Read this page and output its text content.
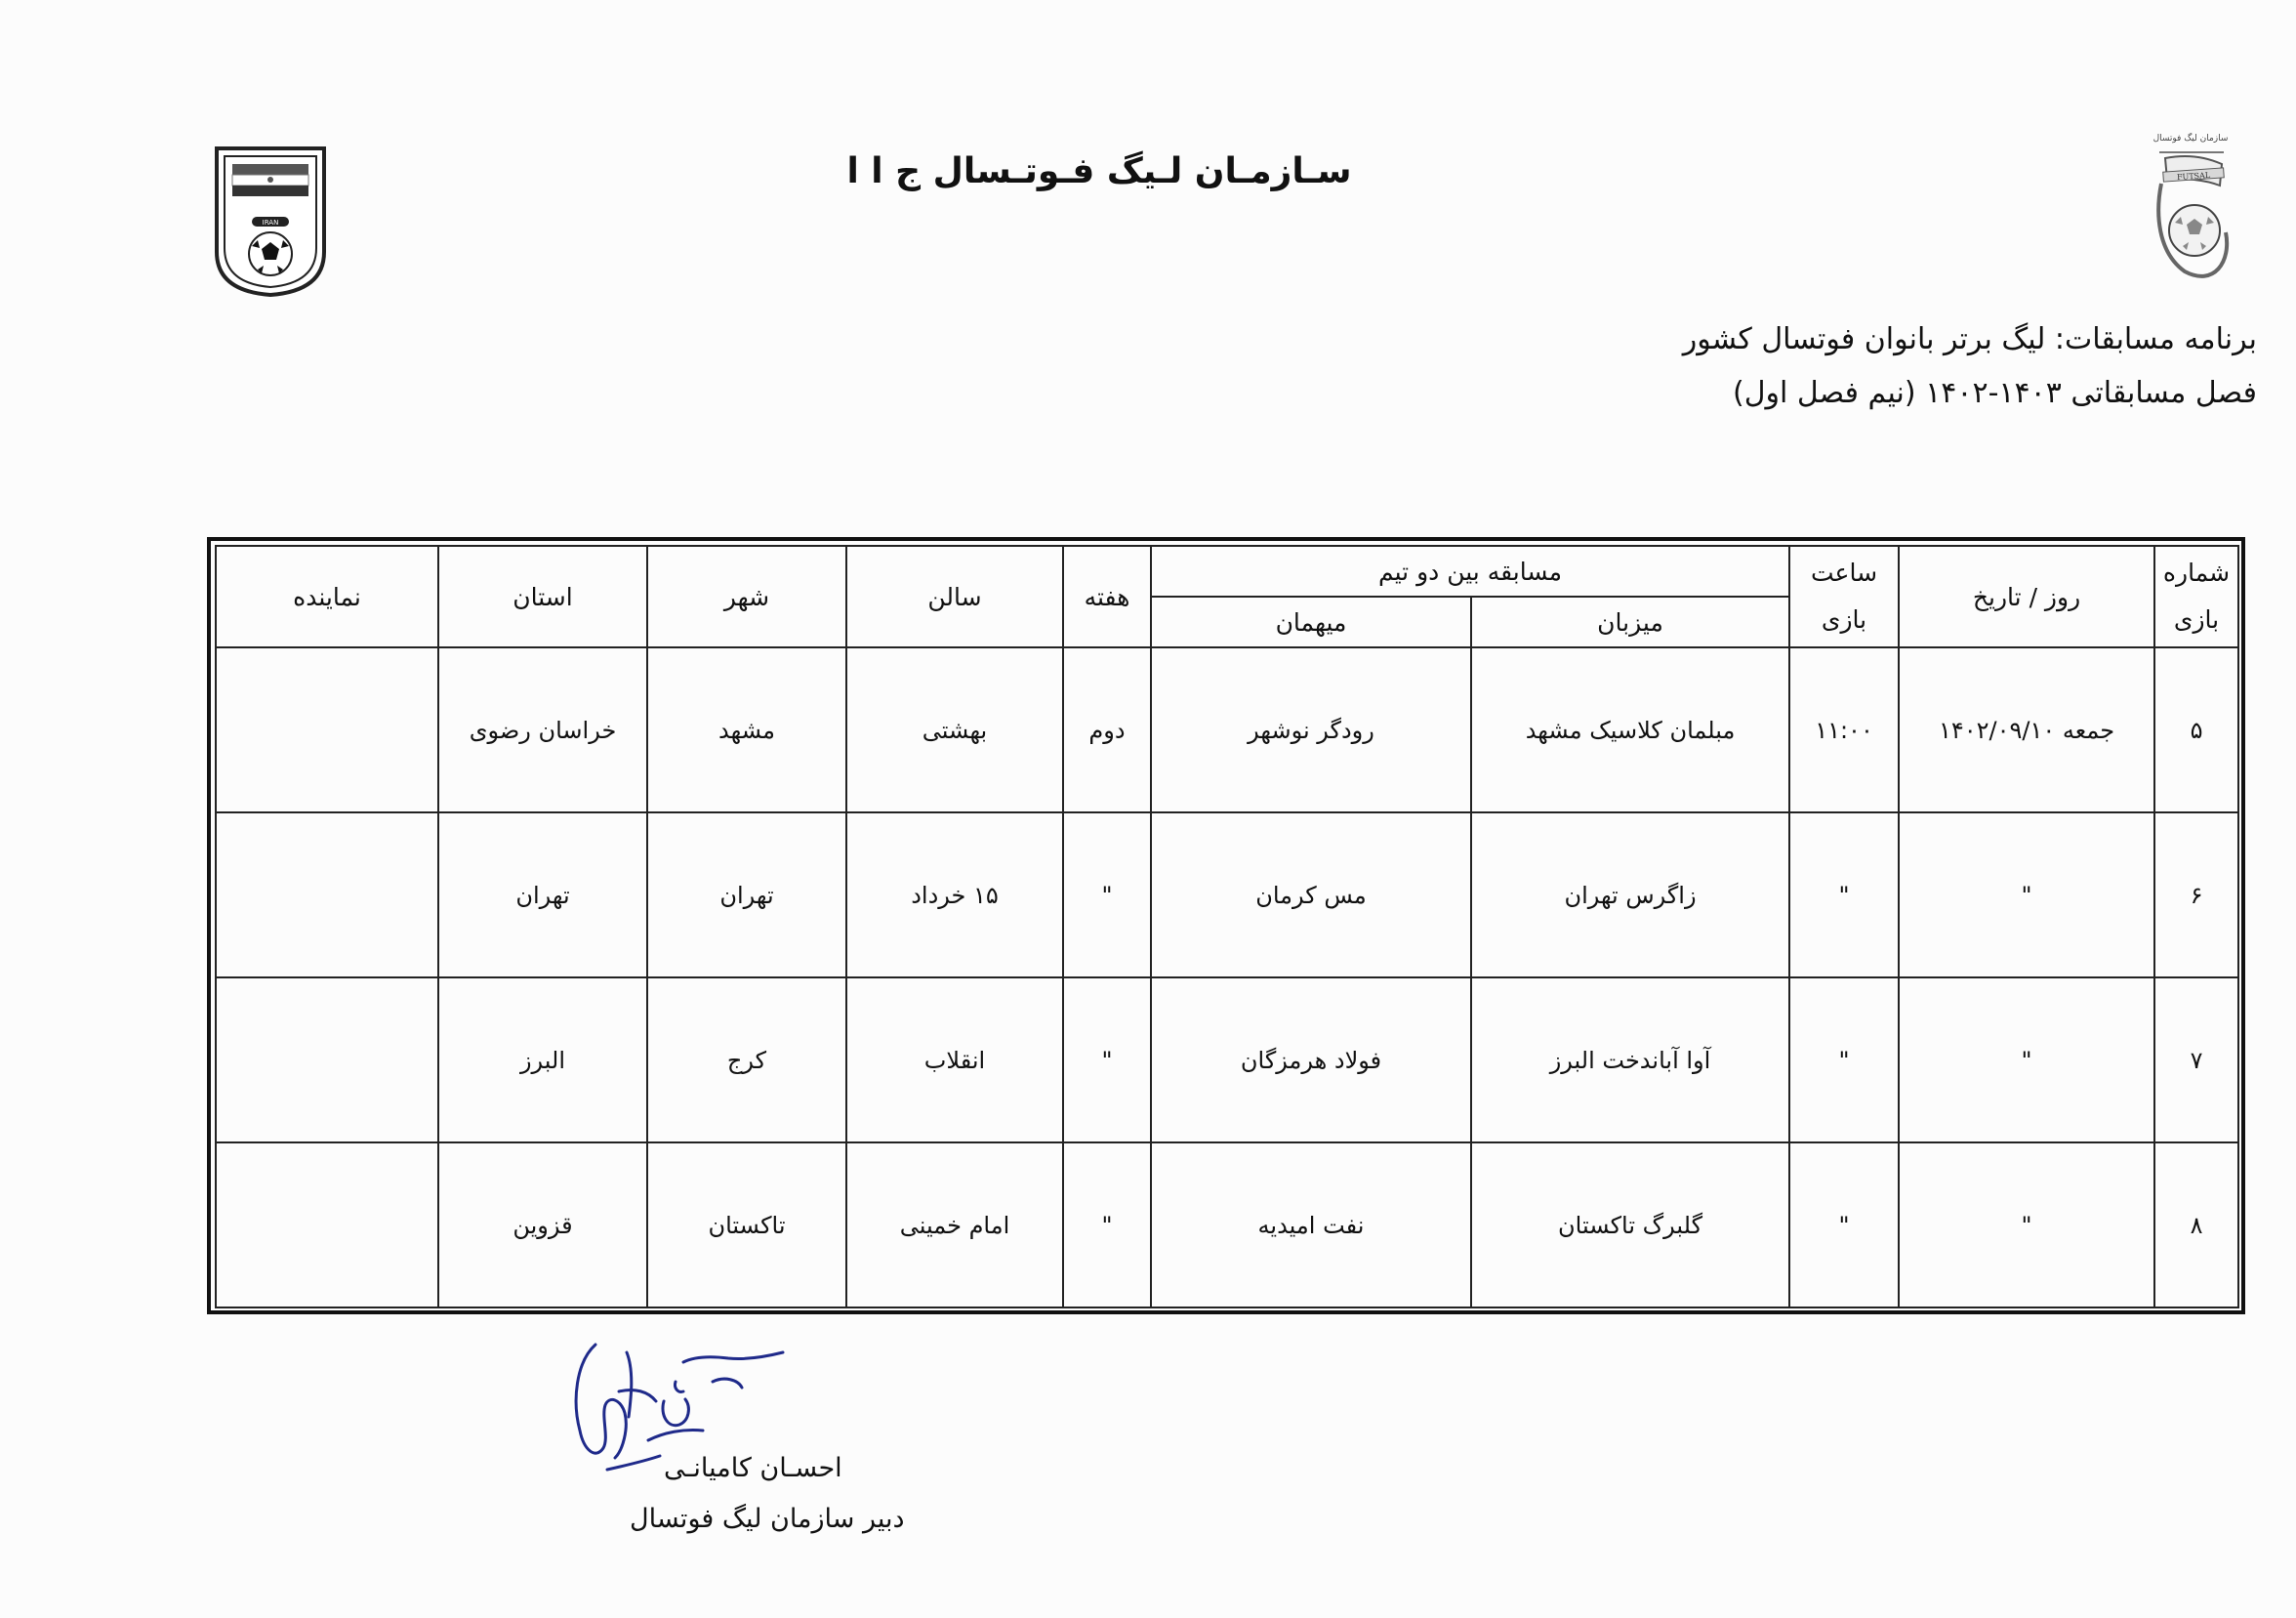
سـازمـان لـیگ فـوتـسال ج ا ا
IRAN
سازمان لیگ فوتسال
FUTSAL
برنامه مسابقات: لیگ برتر بانوان فوتسال کشور
فصل مسابقاتی ۱۴۰۳-۱۴۰۲ (نیم فصل اول)
شماره
بازی	روز / تاریخ	ساعت
بازی	مسابقه بین دو تیم		هفته	سالن	شهر	استان	نماینده
			میزبان	میهمان					
۵	جمعه ۱۴۰۲/۰۹/۱۰	۱۱:۰۰	مبلمان کلاسیک مشهد	رودگر نوشهر	دوم	بهشتی	مشهد	خراسان رضوی	
۶	"	"	زاگرس تهران	مس کرمان	"	۱۵ خرداد	تهران	تهران	
۷	"	"	آوا آباندخت البرز	فولاد هرمزگان	"	انقلاب	کرج	البرز	
۸	"	"	گلبرگ تاکستان	نفت امیدیه	"	امام خمینی	تاکستان	قزوین	
احسـان کامیانـی
دبیر سازمان لیگ فوتسال
